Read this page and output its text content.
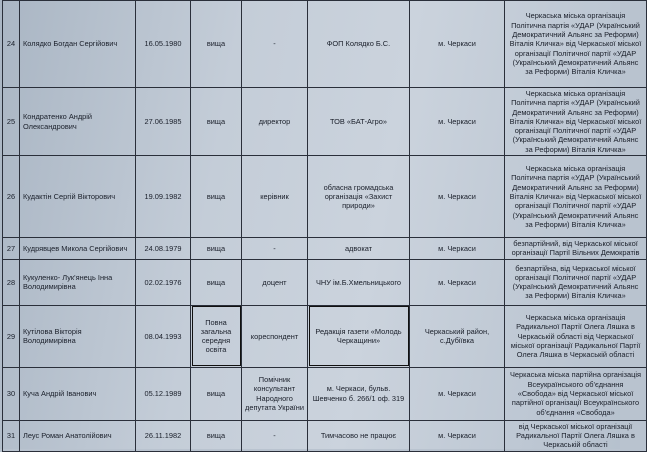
24	Колядко Богдан Сергійович	16.05.1980	вища	-	ФОП Колядко Б.С.	м. Черкаси	Черкаська міська організація Політична партія «УДАР (Український Демократичний Альянс за Реформи) Віталія Кличка» від Черкаської міської організації Політичної партії «УДАР (Український Демократичний Альянс за Реформи) Віталія Кличка»
25	Кондратенко Андрій Олександрович	27.06.1985	вища	директор	ТОВ «БАТ-Агро»	м. Черкаси	Черкаська міська організація Політична партія «УДАР (Український Демократичний Альянс за Реформи) Віталія Кличка» від Черкаської міської організації Політичної партії «УДАР (Український Демократичний Альянс за Реформи) Віталія Кличка»
26	Кудактін Сергій Вікторович	19.09.1982	вища	керівник	обласна громадська організація «Захист природи»	м. Черкаси	Черкаська міська організація Політична партія «УДАР (Український Демократичний Альянс за Реформи) Віталія Кличка» від Черкаської міської організації Політичної партії «УДАР (Український Демократичний Альянс за Реформи) Віталія Кличка»
27	Кудрявцев Микола Сергійович	24.08.1979	вища	-	адвокат	м. Черкаси	безпартійний, від Черкаської міської організації Партії Вільних Демократів
28	Кукуленко- Лук'янець Інна Володимирівна	02.02.1976	вища	доцент	ЧНУ ім.Б.Хмельницького	м. Черкаси	безпартійна, від Черкаської міської організації Політичної партії «УДАР (Український Демократичний Альянс за Реформи) Віталія Кличка»
29	Кутілова Вікторія Володимирівна	08.04.1993	Повна загальна середня освіта	кореспондент	Редакція газети «Молодь Черкащини»	Черкаський район, с.Дубіївка	Черкаська міська організація Радикальної Партії Олега Ляшка в Черкаській області від Черкаської міської організації Радикальної Партії Олега Ляшка в Черкаській області
30	Куча Андрій Іванович	05.12.1989	вища	Помічник консультант Народного депутата України	м. Черкаси, бульв. Шевченко б. 266/1 оф. 319	м. Черкаси	Черкаська міська партійна організація Всеукраїнського об'єднання «Свобода» від Черкаської міської партійної організації Всеукраїнського об'єднання «Свобода»
31	Леус Роман Анатолійович	26.11.1982	вища	-	Тимчасово не працює	м. Черкаси	від Черкаської міської організації Радикальної Партії Олега Ляшка в Черкаській області
